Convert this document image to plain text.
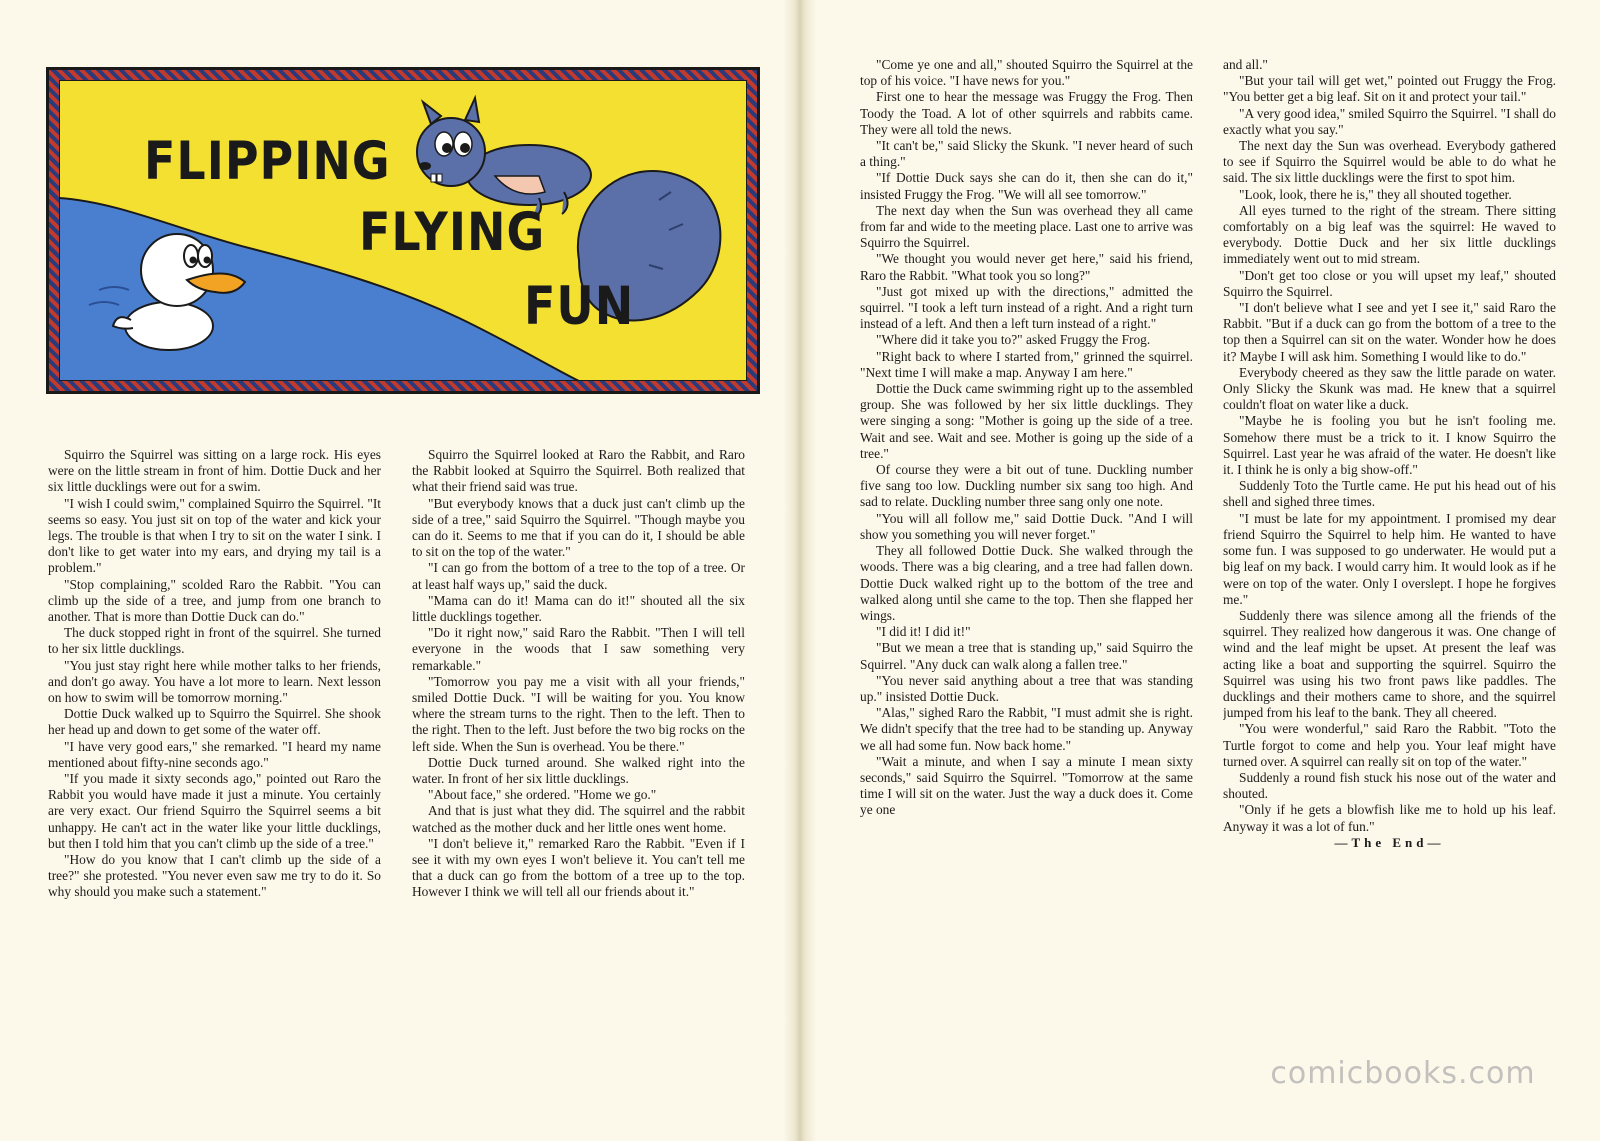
FLIPPING
FLYING
FUN

Squirro the Squirrel was sitting on a large rock. His eyes were on the little stream in front of him. Dottie Duck and her six little ducklings were out for a swim.

"I wish I could swim," complained Squirro the Squirrel. "It seems so easy. You just sit on top of the water and kick your legs. The trouble is that when I try to sit on the water I sink. I don't like to get water into my ears, and drying my tail is a problem."

"Stop complaining," scolded Raro the Rabbit. "You can climb up the side of a tree, and jump from one branch to another. That is more than Dottie Duck can do."

The duck stopped right in front of the squirrel. She turned to her six little ducklings.

"You just stay right here while mother talks to her friends, and don't go away. You have a lot more to learn. Next lesson on how to swim will be tomorrow morning."

Dottie Duck walked up to Squirro the Squirrel. She shook her head up and down to get some of the water off.

"I have very good ears," she remarked. "I heard my name mentioned about fifty-nine seconds ago."

"If you made it sixty seconds ago," pointed out Raro the Rabbit you would have made it just a minute. You certainly are very exact. Our friend Squirro the Squirrel seems a bit unhappy. He can't act in the water like your little ducklings, but then I told him that you can't climb up the side of a tree."

"How do you know that I can't climb up the side of a tree?" she protested. "You never even saw me try to do it. So why should you make such a statement."

Squirro the Squirrel looked at Raro the Rabbit, and Raro the Rabbit looked at Squirro the Squirrel. Both realized that what their friend said was true.

"But everybody knows that a duck just can't climb up the side of a tree," said Squirro the Squirrel. "Though maybe you can do it. Seems to me that if you can do it, I should be able to sit on the top of the water."

"I can go from the bottom of a tree to the top of a tree. Or at least half ways up," said the duck.

"Mama can do it! Mama can do it!" shouted all the six little ducklings together.

"Do it right now," said Raro the Rabbit. "Then I will tell everyone in the woods that I saw something very remarkable."

"Tomorrow you pay me a visit with all your friends," smiled Dottie Duck. "I will be waiting for you. You know where the stream turns to the right. Then to the left. Then to the right. Then to the left. Just before the two big rocks on the left side. When the Sun is overhead. You be there."

Dottie Duck turned around. She walked right into the water. In front of her six little ducklings.

"About face," she ordered. "Home we go."

And that is just what they did. The squirrel and the rabbit watched as the mother duck and her little ones went home.

"I don't believe it," remarked Raro the Rabbit. "Even if I see it with my own eyes I won't believe it. You can't tell me that a duck can go from the bottom of a tree up to the top. However I think we will tell all our friends about it."

"Come ye one and all," shouted Squirro the Squirrel at the top of his voice. "I have news for you."

First one to hear the message was Fruggy the Frog. Then Toody the Toad. A lot of other squirrels and rabbits came. They were all told the news.

"It can't be," said Slicky the Skunk. "I never heard of such a thing."

"If Dottie Duck says she can do it, then she can do it," insisted Fruggy the Frog. "We will all see tomorrow."

The next day when the Sun was overhead they all came from far and wide to the meeting place. Last one to arrive was Squirro the Squirrel.

"We thought you would never get here," said his friend, Raro the Rabbit. "What took you so long?"

"Just got mixed up with the directions," admitted the squirrel. "I took a left turn instead of a right. And a right turn instead of a left. And then a left turn instead of a right."

"Where did it take you to?" asked Fruggy the Frog.

"Right back to where I started from," grinned the squirrel. "Next time I will make a map. Anyway I am here."

Dottie the Duck came swimming right up to the assembled group. She was followed by her six little ducklings. They were singing a song: "Mother is going up the side of a tree. Wait and see. Wait and see. Mother is going up the side of a tree."

Of course they were a bit out of tune. Duckling number five sang too low. Duckling number six sang too high. And sad to relate. Duckling number three sang only one note.

"You will all follow me," said Dottie Duck. "And I will show you something you will never forget."

They all followed Dottie Duck. She walked through the woods. There was a big clearing, and a tree had fallen down. Dottie Duck walked right up to the bottom of the tree and walked along until she came to the top. Then she flapped her wings.

"I did it! I did it!"

"But we mean a tree that is standing up," said Squirro the Squirrel. "Any duck can walk along a fallen tree."

"You never said anything about a tree that was standing up." insisted Dottie Duck.

"Alas," sighed Raro the Rabbit, "I must admit she is right. We didn't specify that the tree had to be standing up. Anyway we all had some fun. Now back home."

"Wait a minute, and when I say a minute I mean sixty seconds," said Squirro the Squirrel. "Tomorrow at the same time I will sit on the water. Just the way a duck does it. Come ye one

and all."

"But your tail will get wet," pointed out Fruggy the Frog. "You better get a big leaf. Sit on it and protect your tail."

"A very good idea," smiled Squirro the Squirrel. "I shall do exactly what you say."

The next day the Sun was overhead. Everybody gathered to see if Squirro the Squirrel would be able to do what he said. The six little ducklings were the first to spot him.

"Look, look, there he is," they all shouted together.

All eyes turned to the right of the stream. There sitting comfortably on a big leaf was the squirrel: He waved to everybody. Dottie Duck and her six little ducklings immediately went out to mid stream.

"Don't get too close or you will upset my leaf," shouted Squirro the Squirrel.

"I don't believe what I see and yet I see it," said Raro the Rabbit. "But if a duck can go from the bottom of a tree to the top then a Squirrel can sit on the water. Wonder how he does it? Maybe I will ask him. Something I would like to do."

Everybody cheered as they saw the little parade on water. Only Slicky the Skunk was mad. He knew that a squirrel couldn't float on water like a duck.

"Maybe he is fooling you but he isn't fooling me. Somehow there must be a trick to it. I know Squirro the Squirrel. Last year he was afraid of the water. He doesn't like it. I think he is only a big show-off."

Suddenly Toto the Turtle came. He put his head out of his shell and sighed three times.

"I must be late for my appointment. I promised my dear friend Squirro the Squirrel to help him. He wanted to have some fun. I was supposed to go underwater. He would put a big leaf on my back. I would carry him. It would look as if he were on top of the water. Only I overslept. I hope he forgives me."

Suddenly there was silence among all the friends of the squirrel. They realized how dangerous it was. One change of wind and the leaf might be upset. At present the leaf was acting like a boat and supporting the squirrel. Squirro the Squirrel was using his two front paws like paddles. The ducklings and their mothers came to shore, and the squirrel jumped from his leaf to the bank. They all cheered.

"You were wonderful," said Raro the Rabbit. "Toto the Turtle forgot to come and help you. Your leaf might have turned over. A squirrel can really sit on top of the water."

Suddenly a round fish stuck his nose out of the water and shouted.

"Only if he gets a blowfish like me to hold up his leaf. Anyway it was a lot of fun."

—The End—

comicbooks.com
